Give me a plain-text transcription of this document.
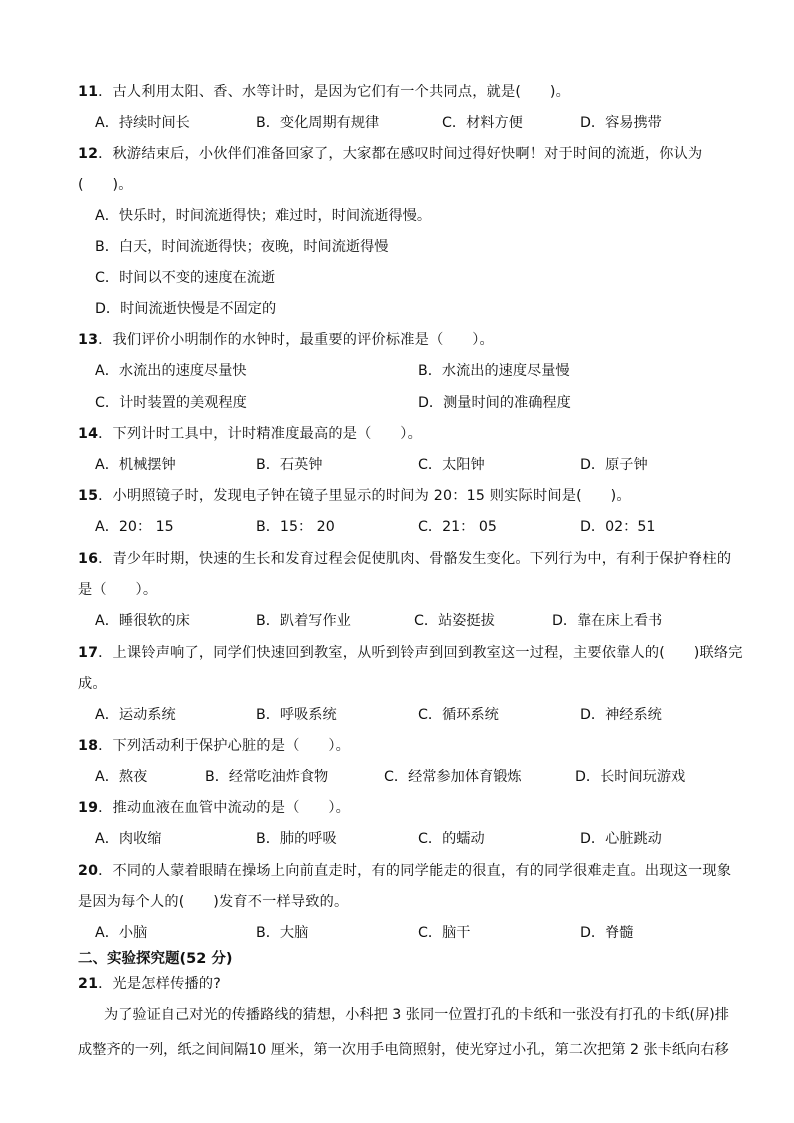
11．古人利用太阳、香、水等计时，是因为它们有一个共同点，就是(　　)。
A．持续时间长	B．变化周期有规律	C．材料方便	D．容易携带
12．秋游结束后，小伙伴们准备回家了，大家都在感叹时间过得好快啊！对于时间的流逝，你认为
(　　)。
A．快乐时，时间流逝得快；难过时，时间流逝得慢。
B．白天，时间流逝得快；夜晚，时间流逝得慢
C．时间以不变的速度在流逝
D．时间流逝快慢是不固定的
13．我们评价小明制作的水钟时，最重要的评价标准是（　　）。
A．水流出的速度尽量快	B．水流出的速度尽量慢
C．计时装置的美观程度	D．测量时间的准确程度
14．下列计时工具中，计时精准度最高的是（　　）。
A．机械摆钟	B．石英钟	C．太阳钟	D．原子钟
15．小明照镜子时，发现电子钟在镜子里显示的时间为 20：15 则实际时间是(　　)。
A．20： 15	B．15： 20	C．21： 05	D．02：51
16．青少年时期，快速的生长和发育过程会促使肌肉、骨骼发生变化。下列行为中，有利于保护脊柱的
是（　　）。
A．睡很软的床	B．趴着写作业	C．站姿挺拔	D．靠在床上看书
17．上课铃声响了，同学们快速回到教室，从听到铃声到回到教室这一过程，主要依靠人的(　　)联络完
成。
A．运动系统	B．呼吸系统	C．循环系统	D．神经系统
18．下列活动利于保护心脏的是（　　）。
A．熬夜	B．经常吃油炸食物	C．经常参加体育锻炼	D．长时间玩游戏
19．推动血液在血管中流动的是（　　）。
A．肉收缩	B．肺的呼吸	C．的蠕动	D．心脏跳动
20．不同的人蒙着眼睛在操场上向前直走时，有的同学能走的很直，有的同学很难走直。出现这一现象
是因为每个人的(　　)发育不一样导致的。
A．小脑	B．大脑	C．脑干	D．脊髓
二、实验探究题(52 分)
21．光是怎样传播的?
为了验证自己对光的传播路线的猜想，小科把 3 张同一位置打孔的卡纸和一张没有打孔的卡纸(屏)排
成整齐的一列，纸之间间隔10 厘米，第一次用手电筒照射，使光穿过小孔，第二次把第 2 张卡纸向右移
